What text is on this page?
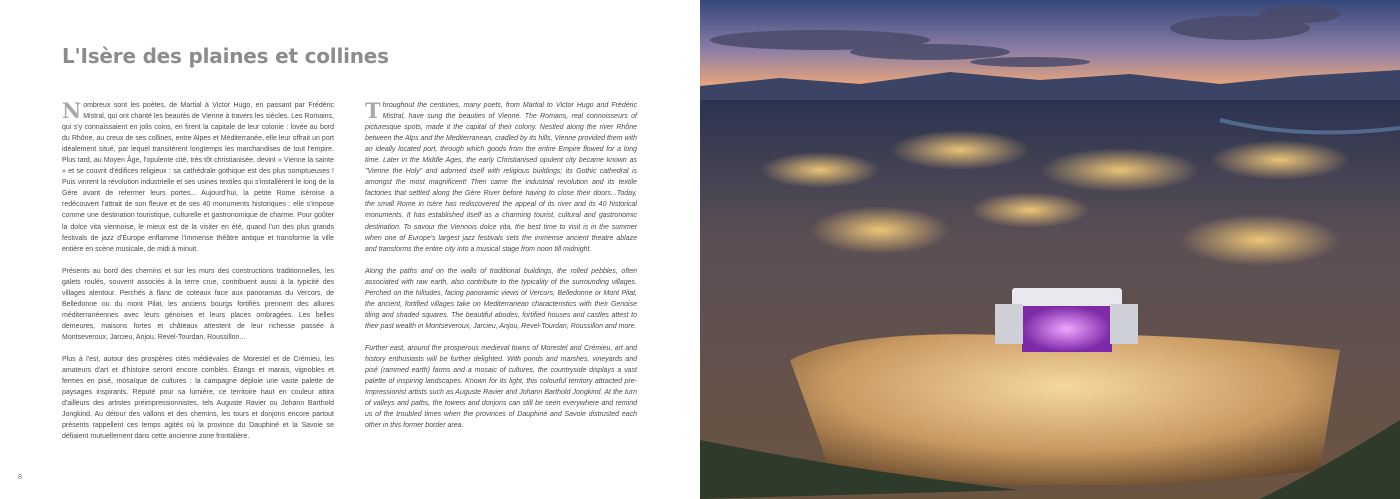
L'Isère des plaines et collines

Nombreux sont les poètes, de Martial à Victor Hugo, en passant par Frédéric Mistral, qui ont chanté les beautés de Vienne à travers les siècles. Les Romains, qui s'y connaissaient en jolis coins, en firent la capitale de leur colonie : lovée au bord du Rhône, au creux de ses collines, entre Alpes et Méditerranée, elle leur offrait un port idéalement situé, par lequel transitèrent longtemps les marchandises de tout l'empire. Plus tard, au Moyen Âge, l'opulente cité, très tôt christianisée, devint « Vienne la sainte » et se couvrit d'édifices religieux : sa cathédrale gothique est des plus somptueuses ! Puis vinrent la révolution industrielle et ses usines textiles qui s'installèrent le long de la Gère avant de refermer leurs portes... Aujourd'hui, la petite Rome iséroise a redécouvert l'attrait de son fleuve et de ses 40 monuments historiques : elle s'impose comme une destination touristique, culturelle et gastronomique de charme. Pour goûter la dolce vita viennoise, le mieux est de la visiter en été, quand l'un des plus grands festivals de jazz d'Europe enflamme l'immense théâtre antique et transforme la ville entière en scène musicale, de midi à minuit.

Présents au bord des chemins et sur les murs des constructions traditionnelles, les galets roulés, souvent associés à la terre crue, contribuent aussi à la typicité des villages alentour. Perchés à flanc de coteaux face aux panoramas du Vercors, de Belledonne ou du mont Pilat, les anciens bourgs fortifiés prennent des allures méditerranéennes avec leurs génoises et leurs places ombragées. Les belles demeures, maisons fortes et châteaux attestent de leur richesse passée à Montseveroux, Jarcieu, Anjou, Revel-Tourdan, Roussillon...

Plus à l'est, autour des prospères cités médiévales de Morestel et de Crémieu, les amateurs d'art et d'histoire seront encore comblés. Étangs et marais, vignobles et fermes en pisé, mosaïque de cultures : la campagne déploie une vaste palette de paysages inspirants. Réputé pour sa lumière, ce territoire haut en couleur attira d'ailleurs des artistes préimpressionnistes, tels Auguste Ravier ou Johann Barthold Jongkind. Au détour des vallons et des chemins, les tours et donjons encore partout présents rappellent ces temps agités où la province du Dauphiné et la Savoie se défiaient mutuellement dans cette ancienne zone frontalière.

Throughout the centuries, many poets, from Martial to Victor Hugo and Frédéric Mistral, have sung the beauties of Vienne. The Romans, real connoisseurs of picturesque spots, made it the capital of their colony. Nestled along the river Rhône between the Alps and the Mediterranean, cradled by its hills, Vienne provided them with an ideally located port, through which goods from the entire Empire flowed for a long time. Later in the Middle Ages, the early Christianised opulent city became known as "Vienne the Holy" and adorned itself with religious buildings; its Gothic cathedral is amongst the most magnificent! Then came the industrial revolution and its textile factories that settled along the Gère River before having to close their doors...Today, the small Rome in Isère has rediscovered the appeal of its river and its 40 historical monuments. It has established itself as a charming tourist, cultural and gastronomic destination. To savour the Viennois dolce vita, the best time to visit is in the summer when one of Europe's largest jazz festivals sets the immense ancient theatre ablaze and transforms the entire city into a musical stage from noon till midnight.

Along the paths and on the walls of traditional buildings, the rolled pebbles, often associated with raw earth, also contribute to the typicality of the surrounding villages. Perched on the hillsides, facing panoramic views of Vercors, Belledonne or Mont Pilat, the ancient, fortified villages take on Mediterranean characteristics with their Genoise tiling and shaded squares. The beautiful abodes, fortified houses and castles attest to their past wealth in Montseveroux, Jarcieu, Anjou, Revel-Tourdan, Roussillon and more.

Further east, around the prosperous medieval towns of Morestel and Crémieu, art and history enthusiasts will be further delighted. With ponds and marshes, vineyards and pisé (rammed earth) farms and a mosaic of cultures, the countryside displays a vast palette of inspiring landscapes. Known for its light, this colourful territory attracted pre-Impressionist artists such as Auguste Ravier and Johann Barthold Jongkind. At the turn of valleys and paths, the towers and donjons can still be seen everywhere and remind us of the troubled times when the provinces of Dauphiné and Savoie distrusted each other in this former border area.

8
